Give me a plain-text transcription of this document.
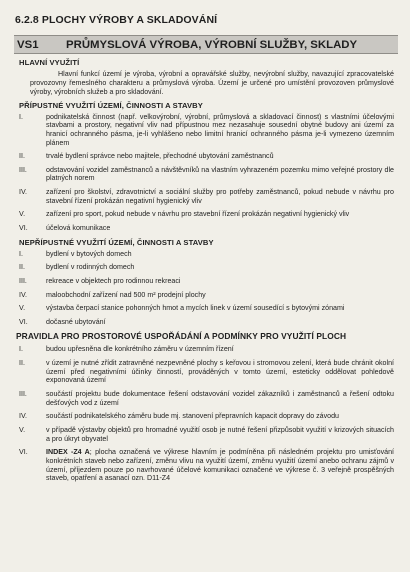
6.2.8 PLOCHY VÝROBY A SKLADOVÁNÍ
VS1	PRŮMYSLOVÁ VÝROBA, VÝROBNÍ SLUŽBY, SKLADY
HLAVNÍ VYUŽITÍ
Hlavní funkcí území je výroba, výrobní a opravářské služby, nevýrobní služby, navazující zpracovatelské provozovny řemeslného charakteru a průmyslová výroba. Území je určené pro umístění provozoven průmyslové výroby, výrobních služeb a pro skladování.
PŘÍPUSTNÉ VYUŽITÍ ÚZEMÍ, ČINNOSTI A STAVBY
I.	podnikatelská činnost (např. velkovýrobní, výrobní, průmyslová a skladovací činnost) s vlastními účelovými stavbami a prostory, negativní vliv nad přípustnou mez nezasahuje sousední obytné budovy ani území za hranicí ochranného pásma, je-li vyhlášeno nebo limitní hranicí ochranného pásma je-li vymezeno územním plánem
II.	trvalé bydlení správce nebo majitele, přechodné ubytování zaměstnanců
III.	odstavování vozidel zaměstnanců a návštěvníků na vlastním vyhrazeném pozemku mimo veřejné prostory dle platných norem
IV.	zařízení pro školství, zdravotnictví a sociální služby pro potřeby zaměstnanců, pokud nebude v návrhu pro stavební řízení prokázán negativní hygienický vliv
V.	zařízení pro sport, pokud nebude v návrhu pro stavební řízení prokázán negativní hygienický vliv
VI.	účelová komunikace
NEPŘÍPUSTNÉ VYUŽITÍ ÚZEMÍ, ČINNOSTI A STAVBY
I.	bydlení v bytových domech
II.	bydlení v rodinných domech
III.	rekreace v objektech pro rodinnou rekreaci
IV.	maloobchodní zařízení nad 500 m² prodejní plochy
V.	výstavba čerpací stanice pohonných hmot a mycích linek v území sousedící s bytovými zónami
VI.	dočasné ubytování
PRAVIDLA PRO PROSTOROVÉ USPOŘÁDÁNÍ A PODMÍNKY PRO VYUŽITÍ PLOCH
I.	budou upřesněna dle konkrétního záměru v územním řízení
II.	v území je nutné zřídit zatravněné nezpevněné plochy s keřovou i stromovou zelení, která bude chránit okolní území před negativními účinky činností, prováděných v tomto území, esteticky oddělovat pohledově exponovaná území
III.	součástí projektu bude dokumentace řešení odstavování vozidel zákazníků i zaměstnanců a řešení odtoku dešťových vod z území
IV.	součástí podnikatelského záměru bude mj. stanovení přepravních kapacit dopravy do závodu
V.	v případě výstavby objektů pro hromadné využití osob je nutné řešení přizpůsobit využití v krizových situacích a pro úkryt obyvatel
VI.	INDEX -Z4 A; plocha označená ve výkrese hlavním je podmíněna při následném projektu pro umisťování konkrétních staveb nebo zařízení, změnu vlivu na využití území, změnu využití území anebo ochranu zájmů v území, příjezdem pouze po navrhované účelové komunikaci označené ve výkrese č. 3 veřejně prospěšných staveb, opatření a asanací ozn. D11-Z4
